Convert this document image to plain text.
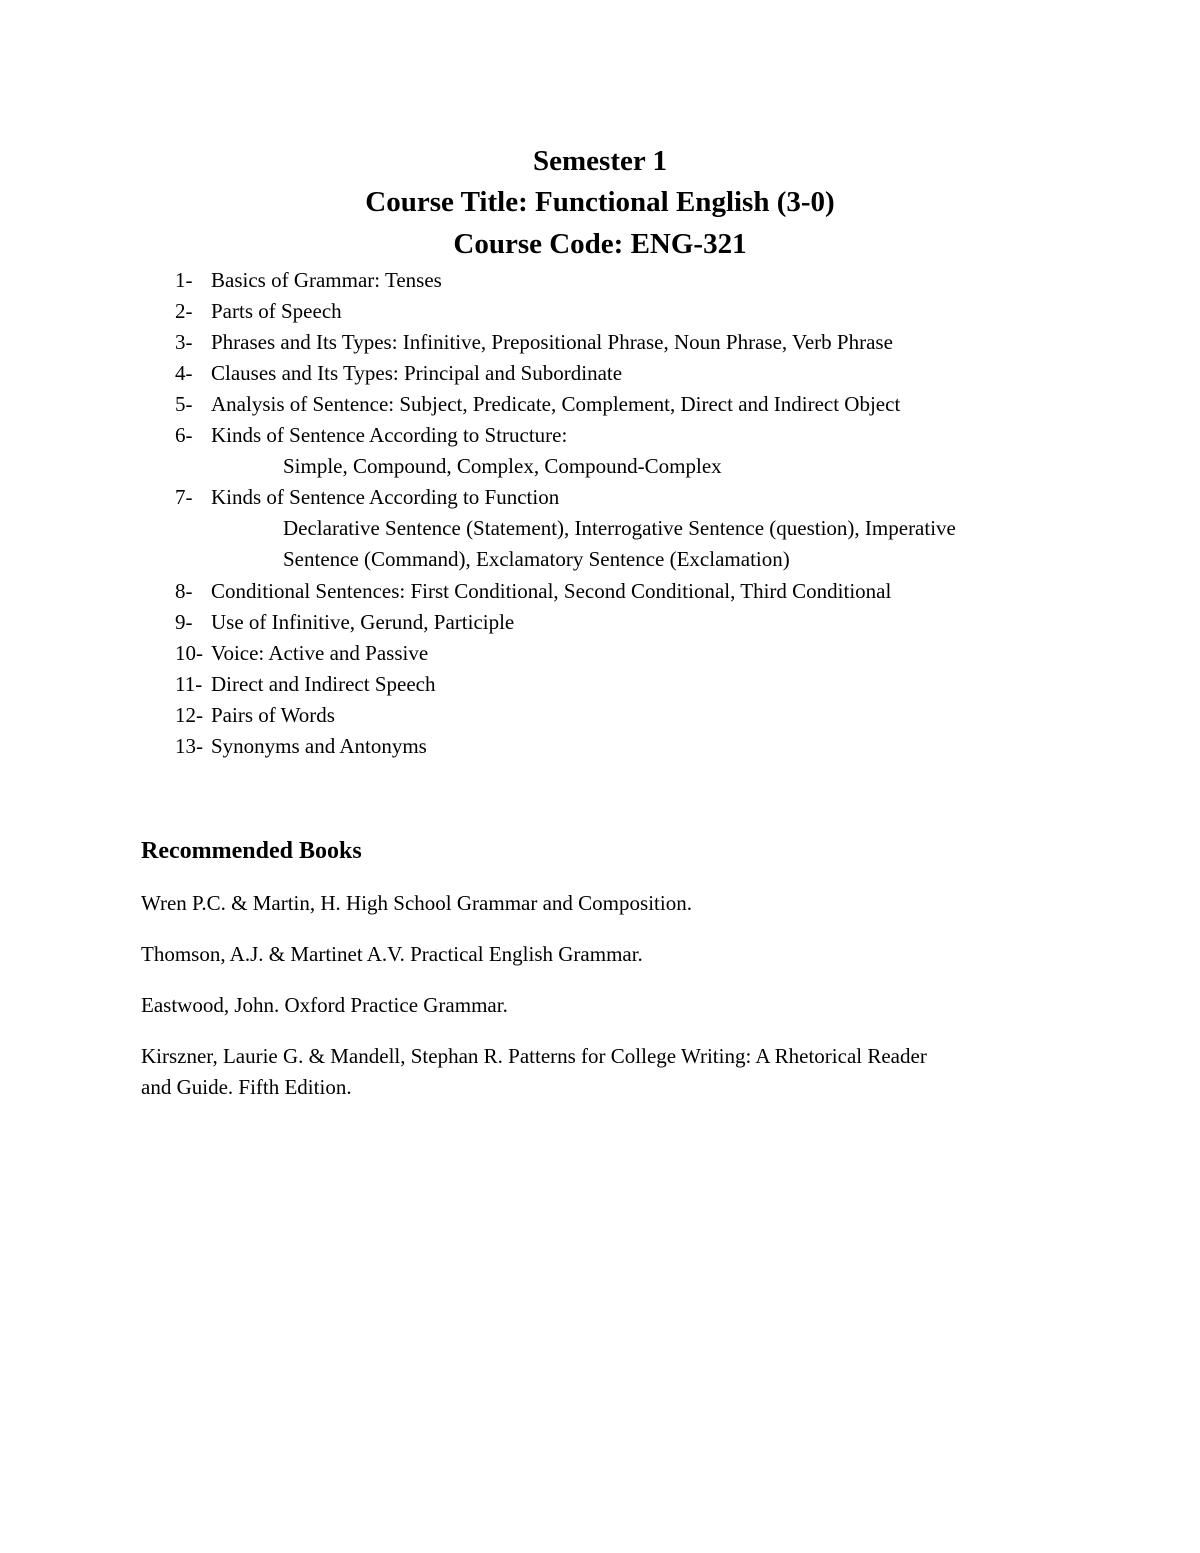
Semester 1
Course Title: Functional English (3-0)
Course Code: ENG-321
1- Basics of Grammar: Tenses
2- Parts of Speech
3- Phrases and Its Types: Infinitive, Prepositional Phrase, Noun Phrase, Verb Phrase
4- Clauses and Its Types: Principal and Subordinate
5- Analysis of Sentence: Subject, Predicate, Complement, Direct and Indirect Object
6- Kinds of Sentence According to Structure:
Simple, Compound, Complex, Compound-Complex
7- Kinds of Sentence According to Function
Declarative Sentence (Statement), Interrogative Sentence (question), Imperative
Sentence (Command), Exclamatory Sentence (Exclamation)
8- Conditional Sentences: First Conditional, Second Conditional, Third Conditional
9- Use of Infinitive, Gerund, Participle
10- Voice: Active and Passive
11- Direct and Indirect Speech
12- Pairs of Words
13- Synonyms and Antonyms
Recommended Books
Wren P.C. & Martin, H. High School Grammar and Composition.
Thomson, A.J. & Martinet A.V. Practical English Grammar.
Eastwood, John. Oxford Practice Grammar.
Kirszner, Laurie G. & Mandell, Stephan R. Patterns for College Writing: A Rhetorical Reader
and Guide. Fifth Edition.
